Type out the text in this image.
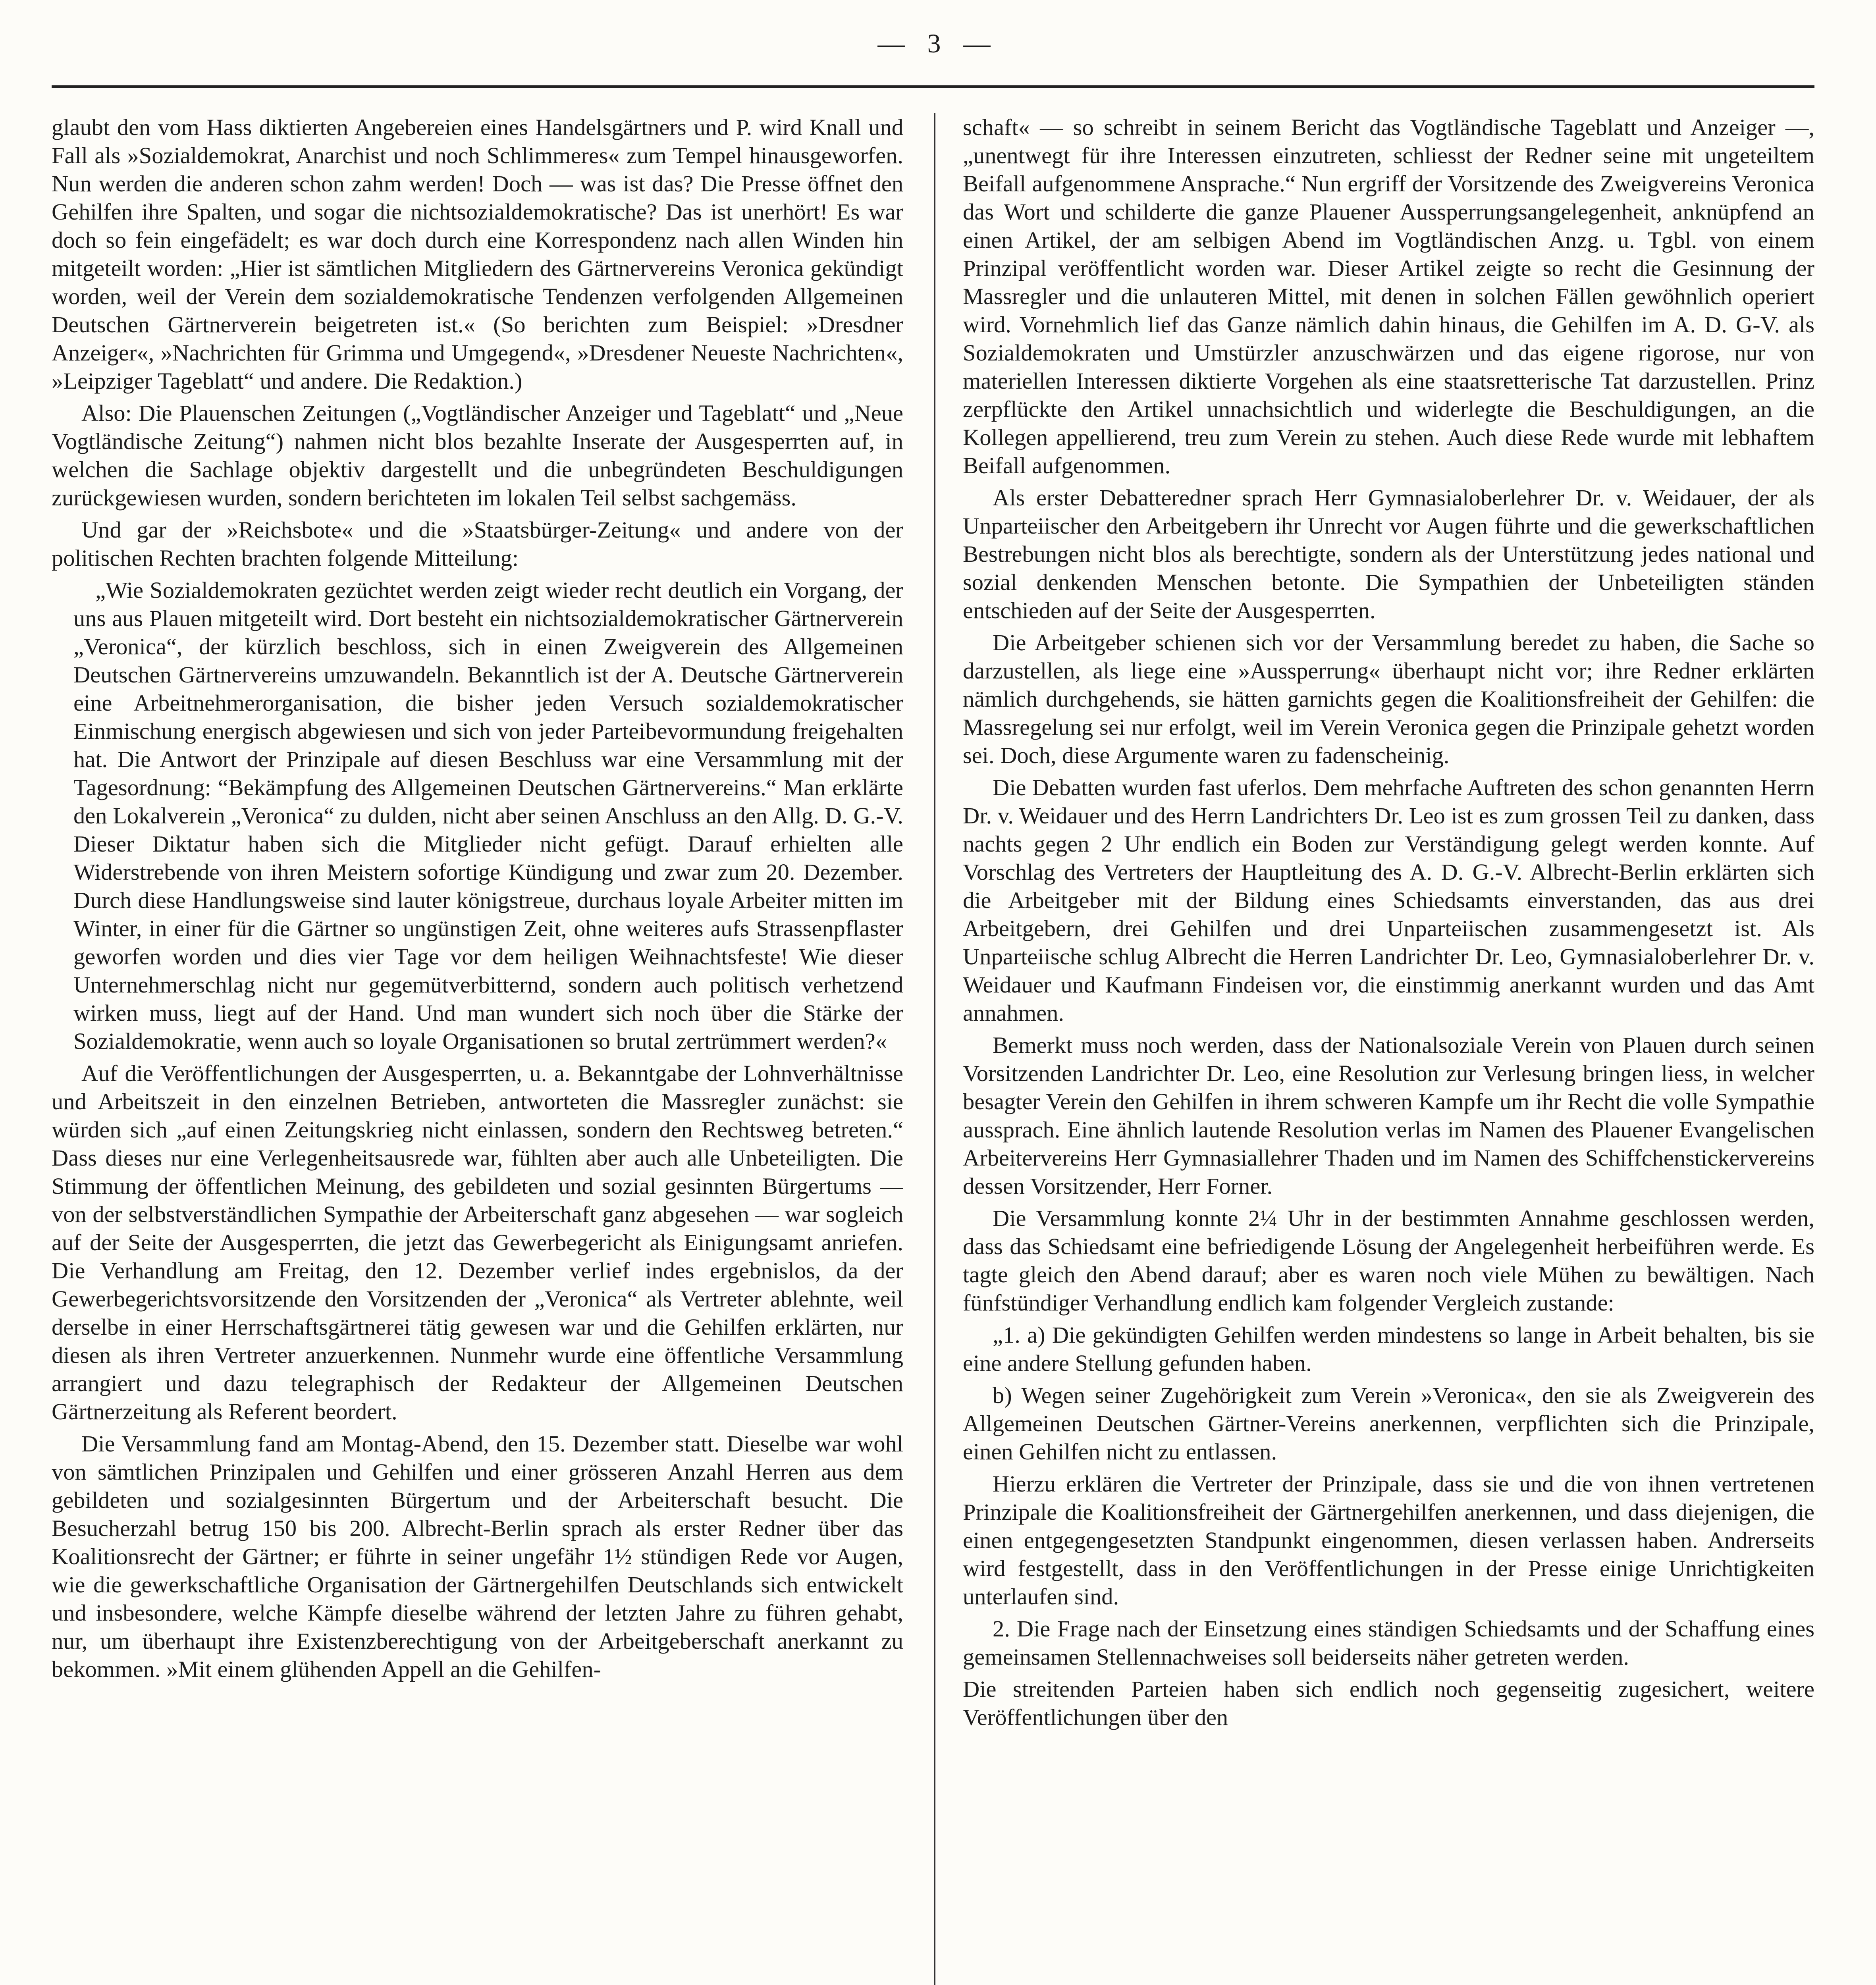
— 3 —

glaubt den vom Hass diktierten Angebereien eines Handelsgärtners und P. wird Knall und Fall als »Sozialdemokrat, Anarchist und noch Schlimmeres« zum Tempel hinausgeworfen. Nun werden die anderen schon zahm werden! Doch — was ist das? Die Presse öffnet den Gehilfen ihre Spalten, und sogar die nichtsozialdemokratische? Das ist unerhört! Es war doch so fein eingefädelt; es war doch durch eine Korrespondenz nach allen Winden hin mitgeteilt worden: „Hier ist sämtlichen Mitgliedern des Gärtnervereins Veronica gekündigt worden, weil der Verein dem sozialdemokratische Tendenzen verfolgenden Allgemeinen Deutschen Gärtnerverein beigetreten ist.« (So berichten zum Beispiel: »Dresdner Anzeiger«, »Nachrichten für Grimma und Umgegend«, »Dresdener Neueste Nachrichten«, »Leipziger Tageblatt“ und andere. Die Redaktion.)

Also: Die Plauenschen Zeitungen („Vogtländischer Anzeiger und Tageblatt“ und „Neue Vogtländische Zeitung“) nahmen nicht blos bezahlte Inserate der Ausgesperrten auf, in welchen die Sachlage objektiv dargestellt und die unbegründeten Beschuldigungen zurückgewiesen wurden, sondern berichteten im lokalen Teil selbst sachgemäss.

Und gar der »Reichsbote« und die »Staatsbürger-Zeitung« und andere von der politischen Rechten brachten folgende Mitteilung:

„Wie Sozialdemokraten gezüchtet werden zeigt wieder recht deutlich ein Vorgang, der uns aus Plauen mitgeteilt wird. Dort besteht ein nichtsozialdemokratischer Gärtnerverein „Veronica“, der kürzlich beschloss, sich in einen Zweigverein des Allgemeinen Deutschen Gärtnervereins umzuwandeln. Bekanntlich ist der A. Deutsche Gärtnerverein eine Arbeitnehmerorganisation, die bisher jeden Versuch sozialdemokratischer Einmischung energisch abgewiesen und sich von jeder Parteibevormundung freigehalten hat. Die Antwort der Prinzipale auf diesen Beschluss war eine Versammlung mit der Tagesordnung: “Bekämpfung des Allgemeinen Deutschen Gärtnervereins.“ Man erklärte den Lokalverein „Veronica“ zu dulden, nicht aber seinen Anschluss an den Allg. D. G.-V. Dieser Diktatur haben sich die Mitglieder nicht gefügt. Darauf erhielten alle Widerstrebende von ihren Meistern sofortige Kündigung und zwar zum 20. Dezember. Durch diese Handlungsweise sind lauter königstreue, durchaus loyale Arbeiter mitten im Winter, in einer für die Gärtner so ungünstigen Zeit, ohne weiteres aufs Strassenpflaster geworfen worden und dies vier Tage vor dem heiligen Weihnachtsfeste! Wie dieser Unternehmerschlag nicht nur gegemütverbitternd, sondern auch politisch verhetzend wirken muss, liegt auf der Hand. Und man wundert sich noch über die Stärke der Sozialdemokratie, wenn auch so loyale Organisationen so brutal zertrümmert werden?«

Auf die Veröffentlichungen der Ausgesperrten, u. a. Bekanntgabe der Lohnverhältnisse und Arbeitszeit in den einzelnen Betrieben, antworteten die Massregler zunächst: sie würden sich „auf einen Zeitungskrieg nicht einlassen, sondern den Rechtsweg betreten.“ Dass dieses nur eine Verlegenheitsausrede war, fühlten aber auch alle Unbeteiligten. Die Stimmung der öffentlichen Meinung, des gebildeten und sozial gesinnten Bürgertums — von der selbstverständlichen Sympathie der Arbeiterschaft ganz abgesehen — war sogleich auf der Seite der Ausgesperrten, die jetzt das Gewerbegericht als Einigungsamt anriefen. Die Verhandlung am Freitag, den 12. Dezember verlief indes ergebnislos, da der Gewerbegerichtsvorsitzende den Vorsitzenden der „Veronica“ als Vertreter ablehnte, weil derselbe in einer Herrschaftsgärtnerei tätig gewesen war und die Gehilfen erklärten, nur diesen als ihren Vertreter anzuerkennen. Nunmehr wurde eine öffentliche Versammlung arrangiert und dazu telegraphisch der Redakteur der Allgemeinen Deutschen Gärtnerzeitung als Referent beordert.

Die Versammlung fand am Montag-Abend, den 15. Dezember statt. Dieselbe war wohl von sämtlichen Prinzipalen und Gehilfen und einer grösseren Anzahl Herren aus dem gebildeten und sozialgesinnten Bürgertum und der Arbeiterschaft besucht. Die Besucherzahl betrug 150 bis 200. Albrecht-Berlin sprach als erster Redner über das Koalitionsrecht der Gärtner; er führte in seiner ungefähr 1½ stündigen Rede vor Augen, wie die gewerkschaftliche Organisation der Gärtnergehilfen Deutschlands sich entwickelt und insbesondere, welche Kämpfe dieselbe während der letzten Jahre zu führen gehabt, nur, um überhaupt ihre Existenzberechtigung von der Arbeitgeberschaft anerkannt zu bekommen. »Mit einem glühenden Appell an die Gehilfen-

schaft« — so schreibt in seinem Bericht das Vogtländische Tageblatt und Anzeiger —, „unentwegt für ihre Interessen einzutreten, schliesst der Redner seine mit ungeteiltem Beifall aufgenommene Ansprache.“ Nun ergriff der Vorsitzende des Zweigvereins Veronica das Wort und schilderte die ganze Plauener Aussperrungsangelegenheit, anknüpfend an einen Artikel, der am selbigen Abend im Vogtländischen Anzg. u. Tgbl. von einem Prinzipal veröffentlicht worden war. Dieser Artikel zeigte so recht die Gesinnung der Massregler und die unlauteren Mittel, mit denen in solchen Fällen gewöhnlich operiert wird. Vornehmlich lief das Ganze nämlich dahin hinaus, die Gehilfen im A. D. G-V. als Sozialdemokraten und Umstürzler anzuschwärzen und das eigene rigorose, nur von materiellen Interessen diktierte Vorgehen als eine staatsretterische Tat darzustellen. Prinz zerpflückte den Artikel unnachsichtlich und widerlegte die Beschuldigungen, an die Kollegen appellierend, treu zum Verein zu stehen. Auch diese Rede wurde mit lebhaftem Beifall aufgenommen.

Als erster Debatteredner sprach Herr Gymnasialoberlehrer Dr. v. Weidauer, der als Unparteiischer den Arbeitgebern ihr Unrecht vor Augen führte und die gewerkschaftlichen Bestrebungen nicht blos als berechtigte, sondern als der Unterstützung jedes national und sozial denkenden Menschen betonte. Die Sympathien der Unbeteiligten ständen entschieden auf der Seite der Ausgesperrten.

Die Arbeitgeber schienen sich vor der Versammlung beredet zu haben, die Sache so darzustellen, als liege eine »Aussperrung« überhaupt nicht vor; ihre Redner erklärten nämlich durchgehends, sie hätten garnichts gegen die Koalitionsfreiheit der Gehilfen: die Massregelung sei nur erfolgt, weil im Verein Veronica gegen die Prinzipale gehetzt worden sei. Doch, diese Argumente waren zu fadenscheinig.

Die Debatten wurden fast uferlos. Dem mehrfache Auftreten des schon genannten Herrn Dr. v. Weidauer und des Herrn Landrichters Dr. Leo ist es zum grossen Teil zu danken, dass nachts gegen 2 Uhr endlich ein Boden zur Verständigung gelegt werden konnte. Auf Vorschlag des Vertreters der Hauptleitung des A. D. G.-V. Albrecht-Berlin erklärten sich die Arbeitgeber mit der Bildung eines Schiedsamts einverstanden, das aus drei Arbeitgebern, drei Gehilfen und drei Unparteiischen zusammengesetzt ist. Als Unparteiische schlug Albrecht die Herren Landrichter Dr. Leo, Gymnasialoberlehrer Dr. v. Weidauer und Kaufmann Findeisen vor, die einstimmig anerkannt wurden und das Amt annahmen.

Bemerkt muss noch werden, dass der Nationalsoziale Verein von Plauen durch seinen Vorsitzenden Landrichter Dr. Leo, eine Resolution zur Verlesung bringen liess, in welcher besagter Verein den Gehilfen in ihrem schweren Kampfe um ihr Recht die volle Sympathie aussprach. Eine ähnlich lautende Resolution verlas im Namen des Plauener Evangelischen Arbeitervereins Herr Gymnasiallehrer Thaden und im Namen des Schiffchenstickervereins dessen Vorsitzender, Herr Forner.

Die Versammlung konnte 2¼ Uhr in der bestimmten Annahme geschlossen werden, dass das Schiedsamt eine befriedigende Lösung der Angelegenheit herbeiführen werde. Es tagte gleich den Abend darauf; aber es waren noch viele Mühen zu bewältigen. Nach fünfstündiger Verhandlung endlich kam folgender Vergleich zustande:

„1. a) Die gekündigten Gehilfen werden mindestens so lange in Arbeit behalten, bis sie eine andere Stellung gefunden haben.

b) Wegen seiner Zugehörigkeit zum Verein »Veronica«, den sie als Zweigverein des Allgemeinen Deutschen Gärtner-Vereins anerkennen, verpflichten sich die Prinzipale, einen Gehilfen nicht zu entlassen.

Hierzu erklären die Vertreter der Prinzipale, dass sie und die von ihnen vertretenen Prinzipale die Koalitionsfreiheit der Gärtnergehilfen anerkennen, und dass diejenigen, die einen entgegengesetzten Standpunkt eingenommen, diesen verlassen haben. Andrerseits wird festgestellt, dass in den Veröffentlichungen in der Presse einige Unrichtigkeiten unterlaufen sind.

2. Die Frage nach der Einsetzung eines ständigen Schiedsamts und der Schaffung eines gemeinsamen Stellennachweises soll beiderseits näher getreten werden.

Die streitenden Parteien haben sich endlich noch gegenseitig zugesichert, weitere Veröffentlichungen über den
